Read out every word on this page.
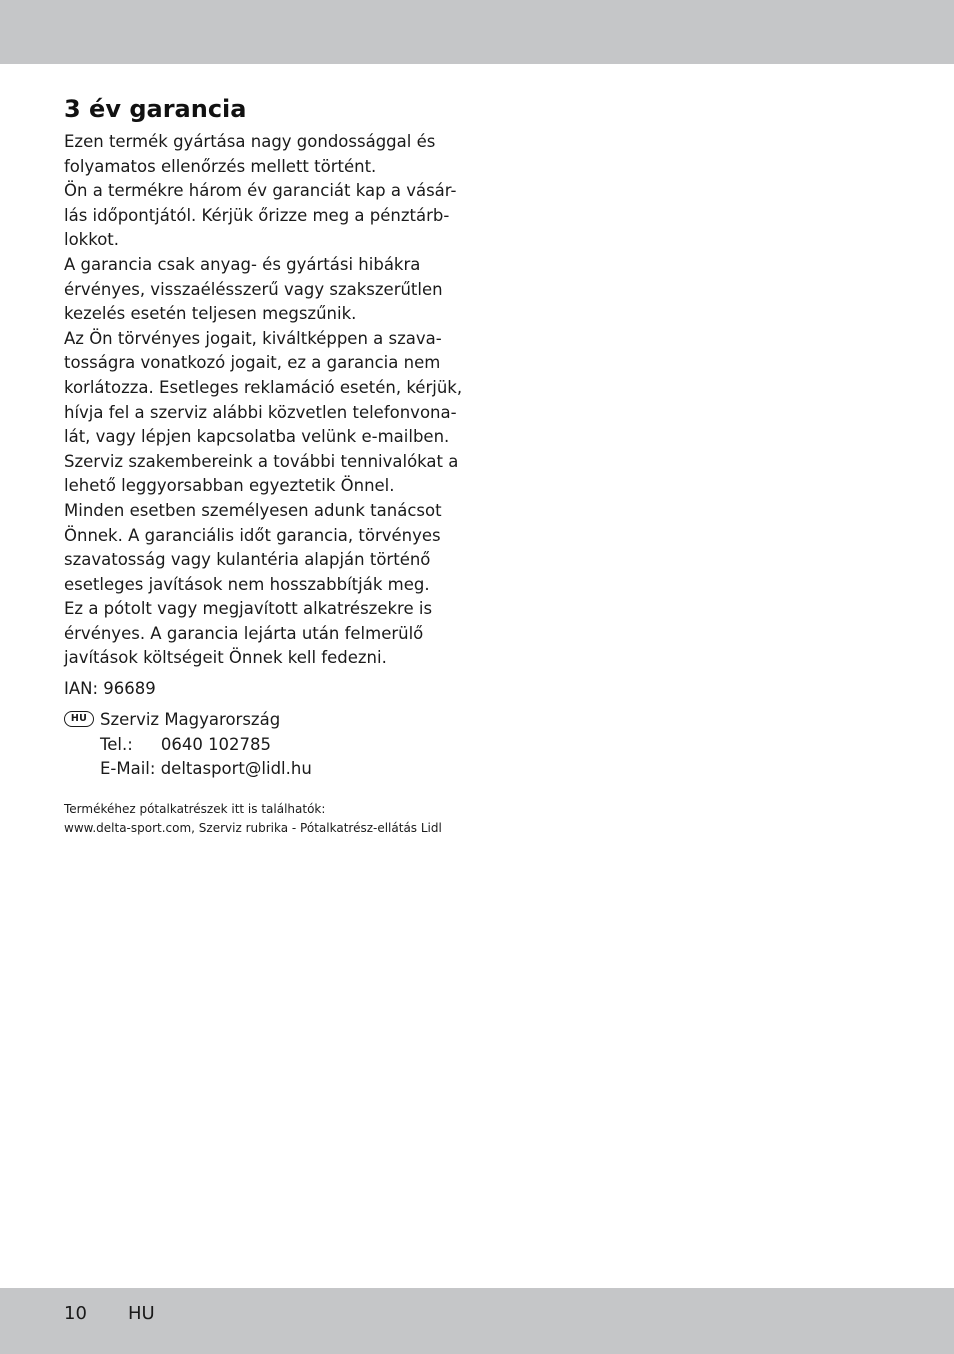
3 év garancia
Ezen termék gyártása nagy gondossággal és
folyamatos ellenőrzés mellett történt.
Ön a termékre három év garanciát kap a vásár-
lás időpontjától. Kérjük őrizze meg a pénztárb-
lokkot.
A garancia csak anyag- és gyártási hibákra
érvényes, visszaélésszerű vagy szakszerűtlen
kezelés esetén teljesen megszűnik.
Az Ön törvényes jogait, kiváltképpen a szava-
tosságra vonatkozó jogait, ez a garancia nem
korlátozza. Esetleges reklamáció esetén, kérjük,
hívja fel a szerviz alábbi közvetlen telefonvona-
lát, vagy lépjen kapcsolatba velünk e-mailben.
Szerviz szakembereink a további tennivalókat a
lehető leggyorsabban egyeztetik Önnel.
Minden esetben személyesen adunk tanácsot
Önnek. A garanciális időt garancia, törvényes
szavatosság vagy kulantéria alapján történő
esetleges javítások nem hosszabbítják meg.
Ez a pótolt vagy megjavított alkatrészekre is
érvényes. A garancia lejárta után felmerülő
javítások költségeit Önnek kell fedezni.
IAN: 96689
HU Szerviz Magyarország
Tel.: 0640 102785
E-Mail: deltasport@lidl.hu
Termékéhez pótalkatrészek itt is találhatók:
www.delta-sport.com, Szerviz rubrika - Pótalkatrész-ellátás Lidl
10 HU
